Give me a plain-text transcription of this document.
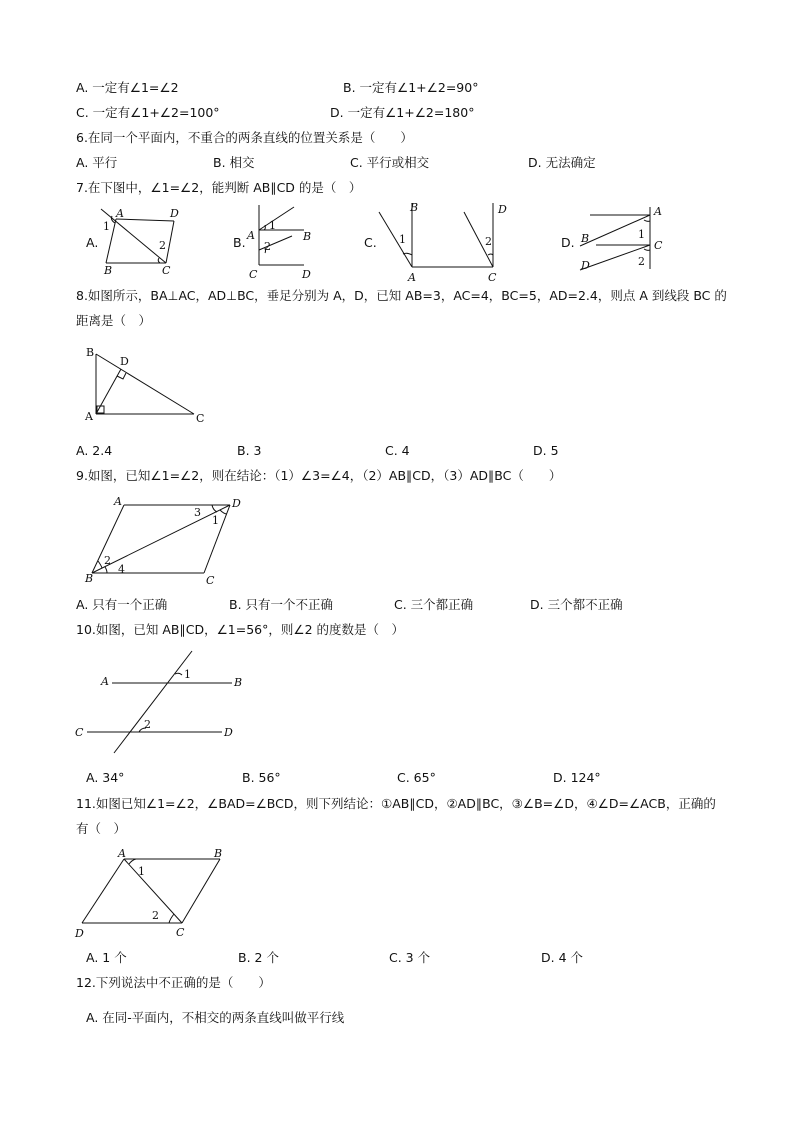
A. 一定有∠1=∠2	B. 一定有∠1+∠2=90°
C. 一定有∠1+∠2=100°	D. 一定有∠1+∠2=180°
6.在同一个平面内，不重合的两条直线的位置关系是（　　）
A. 平行	B. 相交	C. 平行或相交	D. 无法确定
7.在下图中，∠1=∠2，能判断 AB∥CD 的是（　）
A.	B.	C.	D.
A	D
B	C
1
2
A	B
C	D
1
2
B	D
A	C
1	2
A
B
C
D
1
2
8.如图所示，BA⊥AC，AD⊥BC，垂足分别为 A，D，已知 AB=3，AC=4，BC=5，AD=2.4，则点 A 到线段 BC 的
距离是（　）
B
D
A	C
A. 2.4	B. 3	C. 4	D. 5
9.如图，已知∠1=∠2，则在结论：（1）∠3=∠4，（2）AB∥CD，（3）AD∥BC（　　）
A	D
B	C
3
1
2
4
A. 只有一个正确	B. 只有一个不正确	C. 三个都正确	D. 三个都不正确
10.如图，已知 AB∥CD，∠1=56°，则∠2 的度数是（　）
A	B
C	D
1
2
A. 34°	B. 56°	C. 65°	D. 124°
11.如图已知∠1=∠2，∠BAD=∠BCD，则下列结论：①AB∥CD，②AD∥BC，③∠B=∠D，④∠D=∠ACB，正确的
有（　）
A	B
D	C
1
2
A. 1 个	B. 2 个	C. 3 个	D. 4 个
12.下列说法中不正确的是（　　）
A. 在同-平面内，不相交的两条直线叫做平行线
